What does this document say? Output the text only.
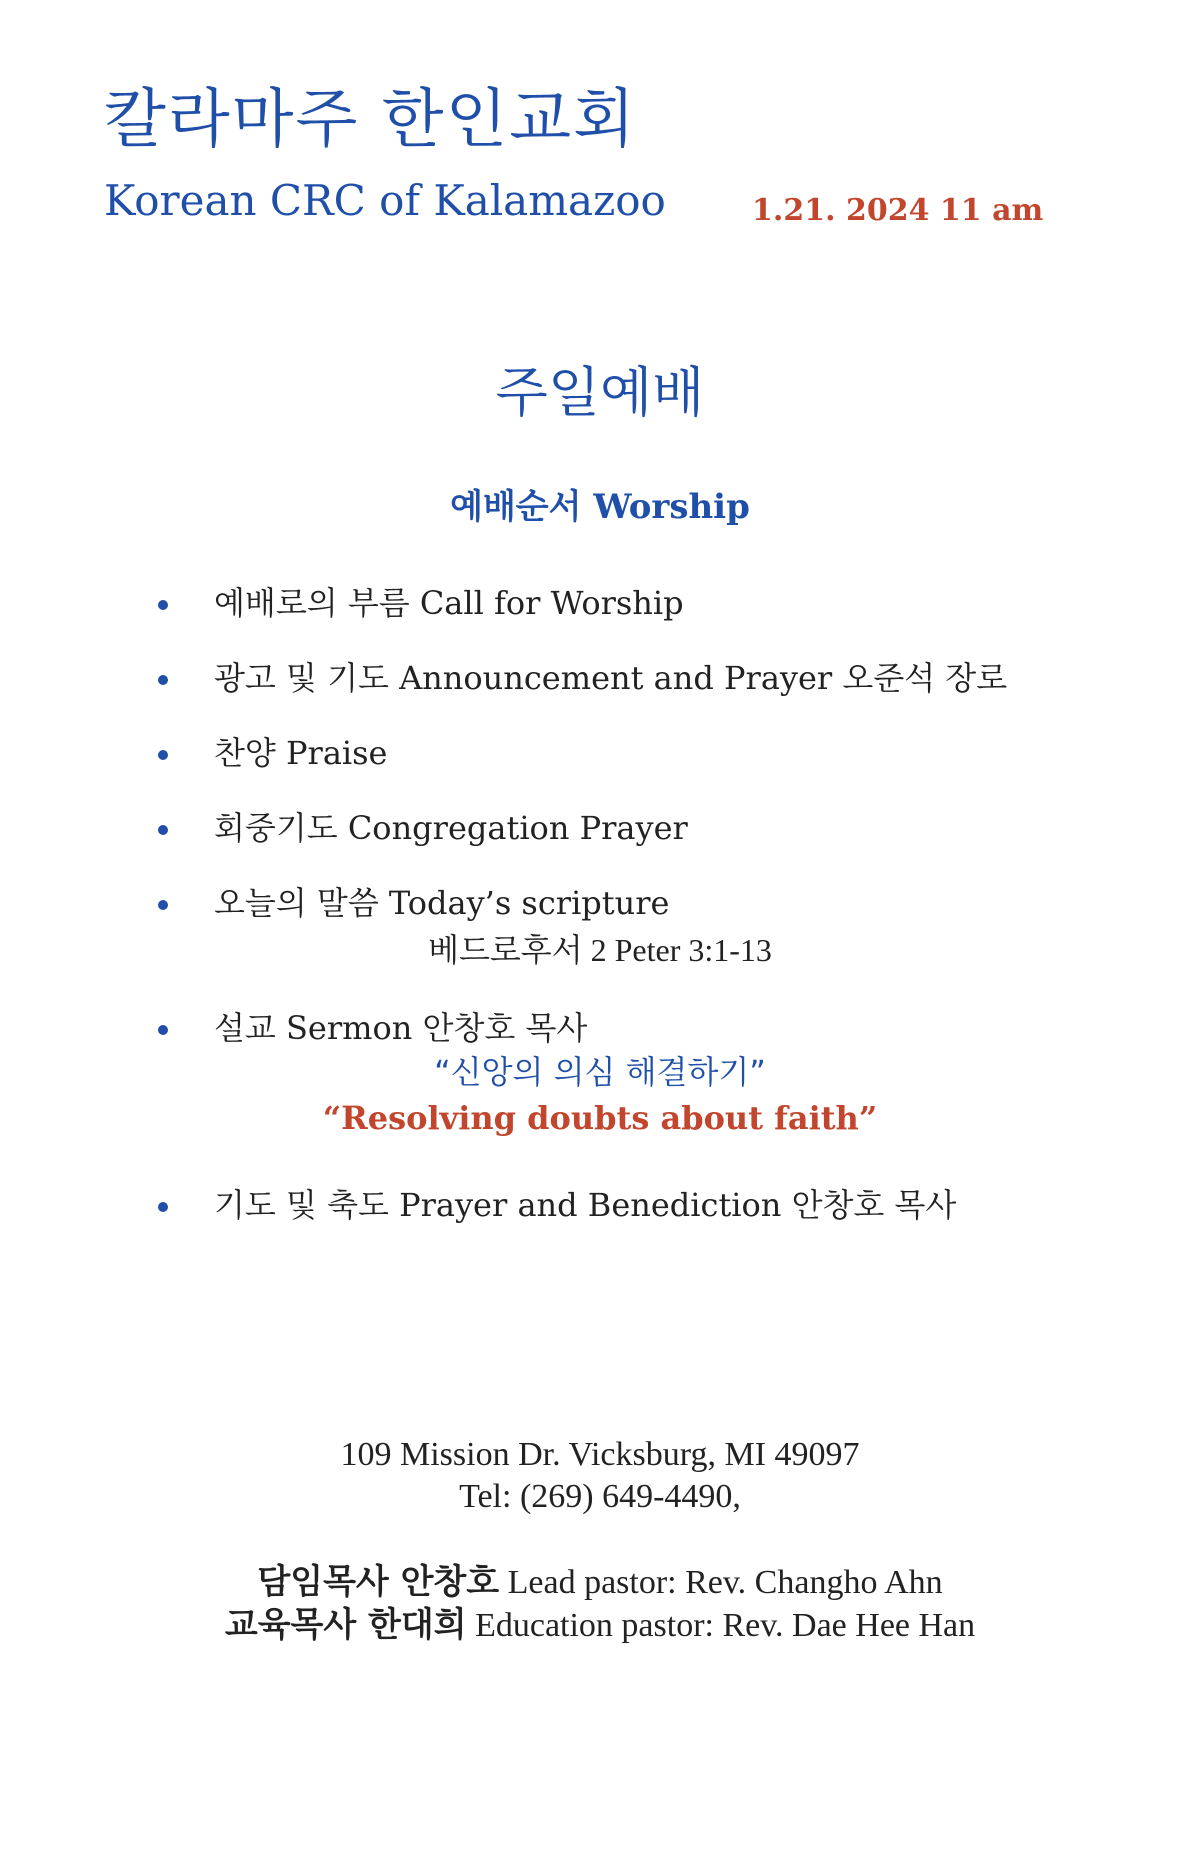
칼라마주 한인교회
Korean CRC of Kalamazoo	1.21. 2024 11 am
주일예배
예배순서 Worship
예배로의 부름 Call for Worship
광고 및 기도 Announcement and Prayer 오준석 장로
찬양 Praise
회중기도 Congregation Prayer
오늘의 말씀 Today’s scripture
설교 Sermon 안창호 목사
기도 및 축도 Prayer and Benediction 안창호 목사
베드로후서 2 Peter 3:1-13
“신앙의 의심 해결하기”
“Resolving doubts about faith”
109 Mission Dr. Vicksburg, MI 49097
Tel: (269) 649-4490,
담임목사 안창호 Lead pastor: Rev. Changho Ahn
교육목사 한대희 Education pastor: Rev. Dae Hee Han
